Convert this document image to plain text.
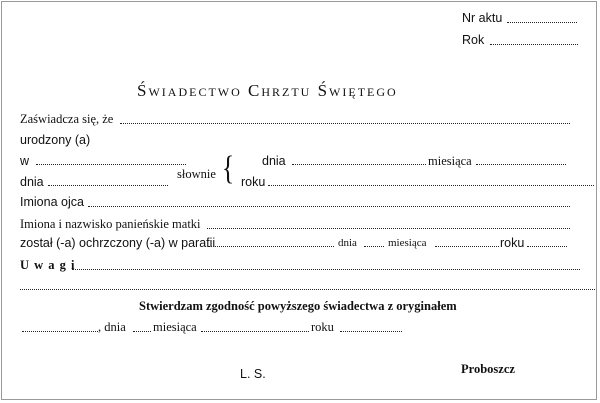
Nr aktu
Rok
Świadectwo Chrztu Świętego
Zaświadcza się, że
urodzony (a)
w	dnia	miesiąca
słownie {
dnia	roku
Imiona ojca
Imiona i nazwisko panieńskie matki
został (-a) ochrzczony (-a) w parafii	dnia	miesiąca	roku
U w a g i
Stwierdzam zgodność powyższego świadectwa z oryginałem
, dnia miesiąca	roku
L. S.	Proboszcz
